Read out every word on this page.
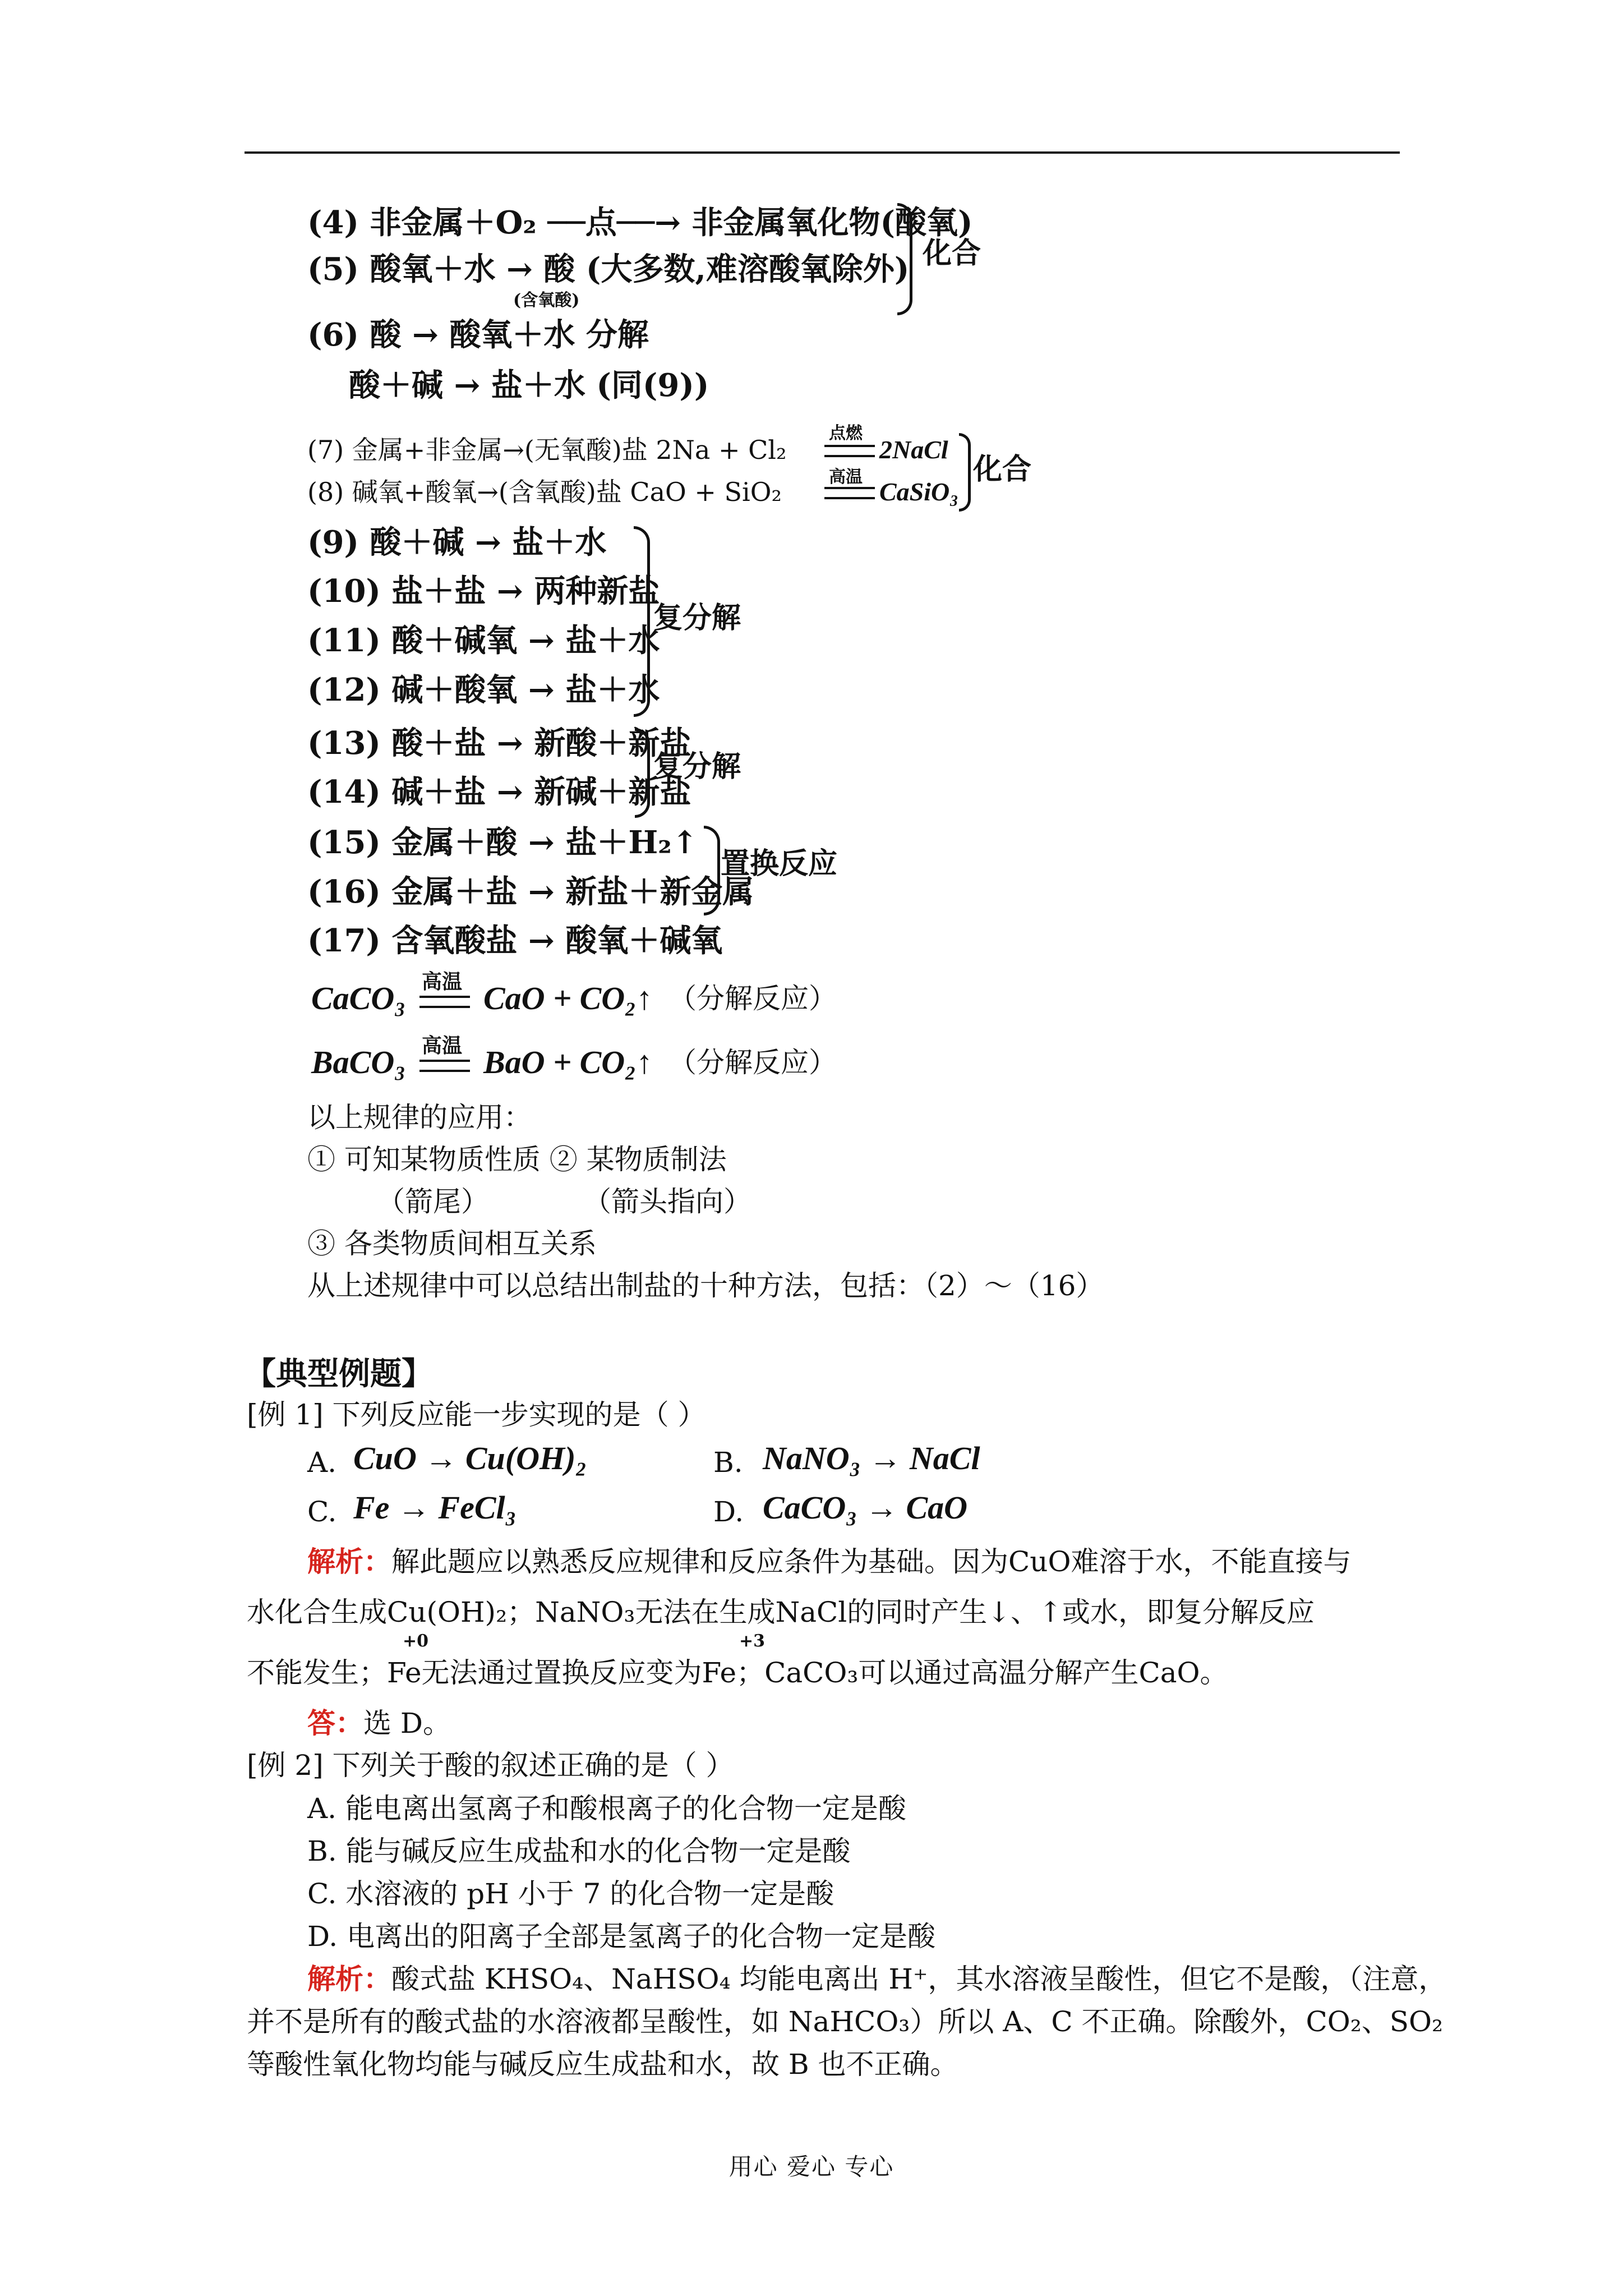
(4) 非金属＋O₂ ──点──→ 非金属氧化物(酸氧)
(5) 酸氧＋水 → 酸 (大多数,难溶酸氧除外)
(含氧酸)
化合
(6) 酸 → 酸氧＋水 分解
酸＋碱 → 盐＋水 (同(9))
(7) 金属+非金属→(无氧酸)盐 2Na + Cl₂
点燃
2NaCl
(8) 碱氧+酸氧→(含氧酸)盐 CaO + SiO₂	高温
CaSiO₃
化合
(9) 酸＋碱 → 盐＋水
(10) 盐＋盐 → 两种新盐
(11) 酸＋碱氧 → 盐＋水
(12) 碱＋酸氧 → 盐＋水
复分解
(13) 酸＋盐 → 新酸＋新盐
(14) 碱＋盐 → 新碱＋新盐
复分解
(15) 金属＋酸 → 盐＋H₂↑
(16) 金属＋盐 → 新盐＋新金属
置换反应
(17) 含氧酸盐 → 酸氧＋碱氧
CaCO₃ 高温 CaO + CO₂↑ （分解反应）
BaCO₃ 高温 BaO + CO₂↑ （分解反应）
以上规律的应用：
① 可知某物质性质 ② 某物质制法
（箭尾）	（箭头指向）
③ 各类物质间相互关系
从上述规律中可以总结出制盐的十种方法，包括：（2）～（16）
【典型例题】
[例 1] 下列反应能一步实现的是（ ）
A. CuO → Cu(OH)₂	B. NaNO₃ → NaCl
C. Fe → FeCl₃	D. CaCO₃ → CaO
解析：解此题应以熟悉反应规律和反应条件为基础。因为CuO难溶于水，不能直接与
水化合生成Cu(OH)₂；NaNO₃无法在生成NaCl的同时产生↓、↑或水，即复分解反应
+0	+3
不能发生；Fe无法通过置换反应变为Fe；CaCO₃可以通过高温分解产生CaO。
答：选 D。
[例 2] 下列关于酸的叙述正确的是（ ）
A. 能电离出氢离子和酸根离子的化合物一定是酸
B. 能与碱反应生成盐和水的化合物一定是酸
C. 水溶液的 pH 小于 7 的化合物一定是酸
D. 电离出的阳离子全部是氢离子的化合物一定是酸
解析：酸式盐 KHSO₄、NaHSO₄ 均能电离出 H⁺，其水溶液呈酸性，但它不是酸，（注意，
并不是所有的酸式盐的水溶液都呈酸性，如 NaHCO₃）所以 A、C 不正确。除酸外，CO₂、SO₂
等酸性氧化物均能与碱反应生成盐和水，故 B 也不正确。
用心 爱心 专心
